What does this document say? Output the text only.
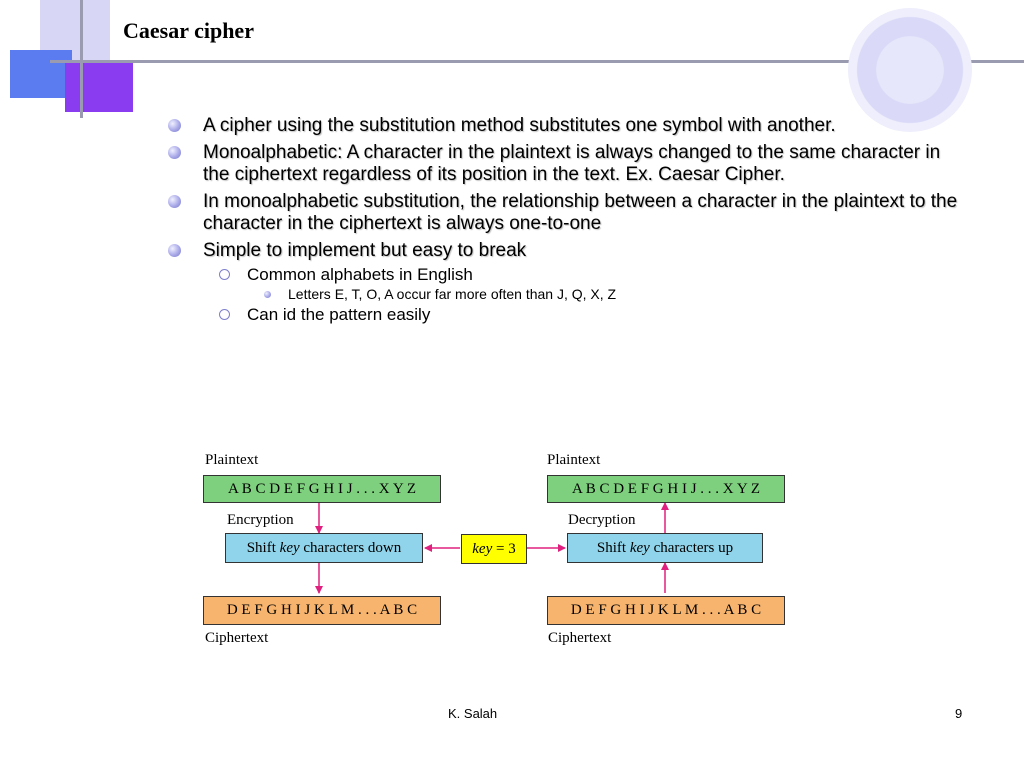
Caesar cipher
A cipher using the substitution method substitutes one symbol with another.
Monoalphabetic: A character in the plaintext is always changed to the same character in the ciphertext regardless of its position in the text. Ex. Caesar Cipher.
In monoalphabetic substitution, the relationship between a character in the plaintext to the character in the ciphertext is always one-to-one
Simple to implement but easy to break
Common alphabets in English
Letters E, T, O, A occur far more often than J, Q, X, Z
Can id the pattern easily
Plaintext
A B C D E F G H I J . . . X Y Z
Encryption
Shift key characters down
D E F G H I J K L M . . . A B C
Ciphertext
key = 3
Plaintext
A B C D E F G H I J . . . X Y Z
Decryption
Shift key characters up
D E F G H I J K L M . . . A B C
Ciphertext
K. Salah	9
